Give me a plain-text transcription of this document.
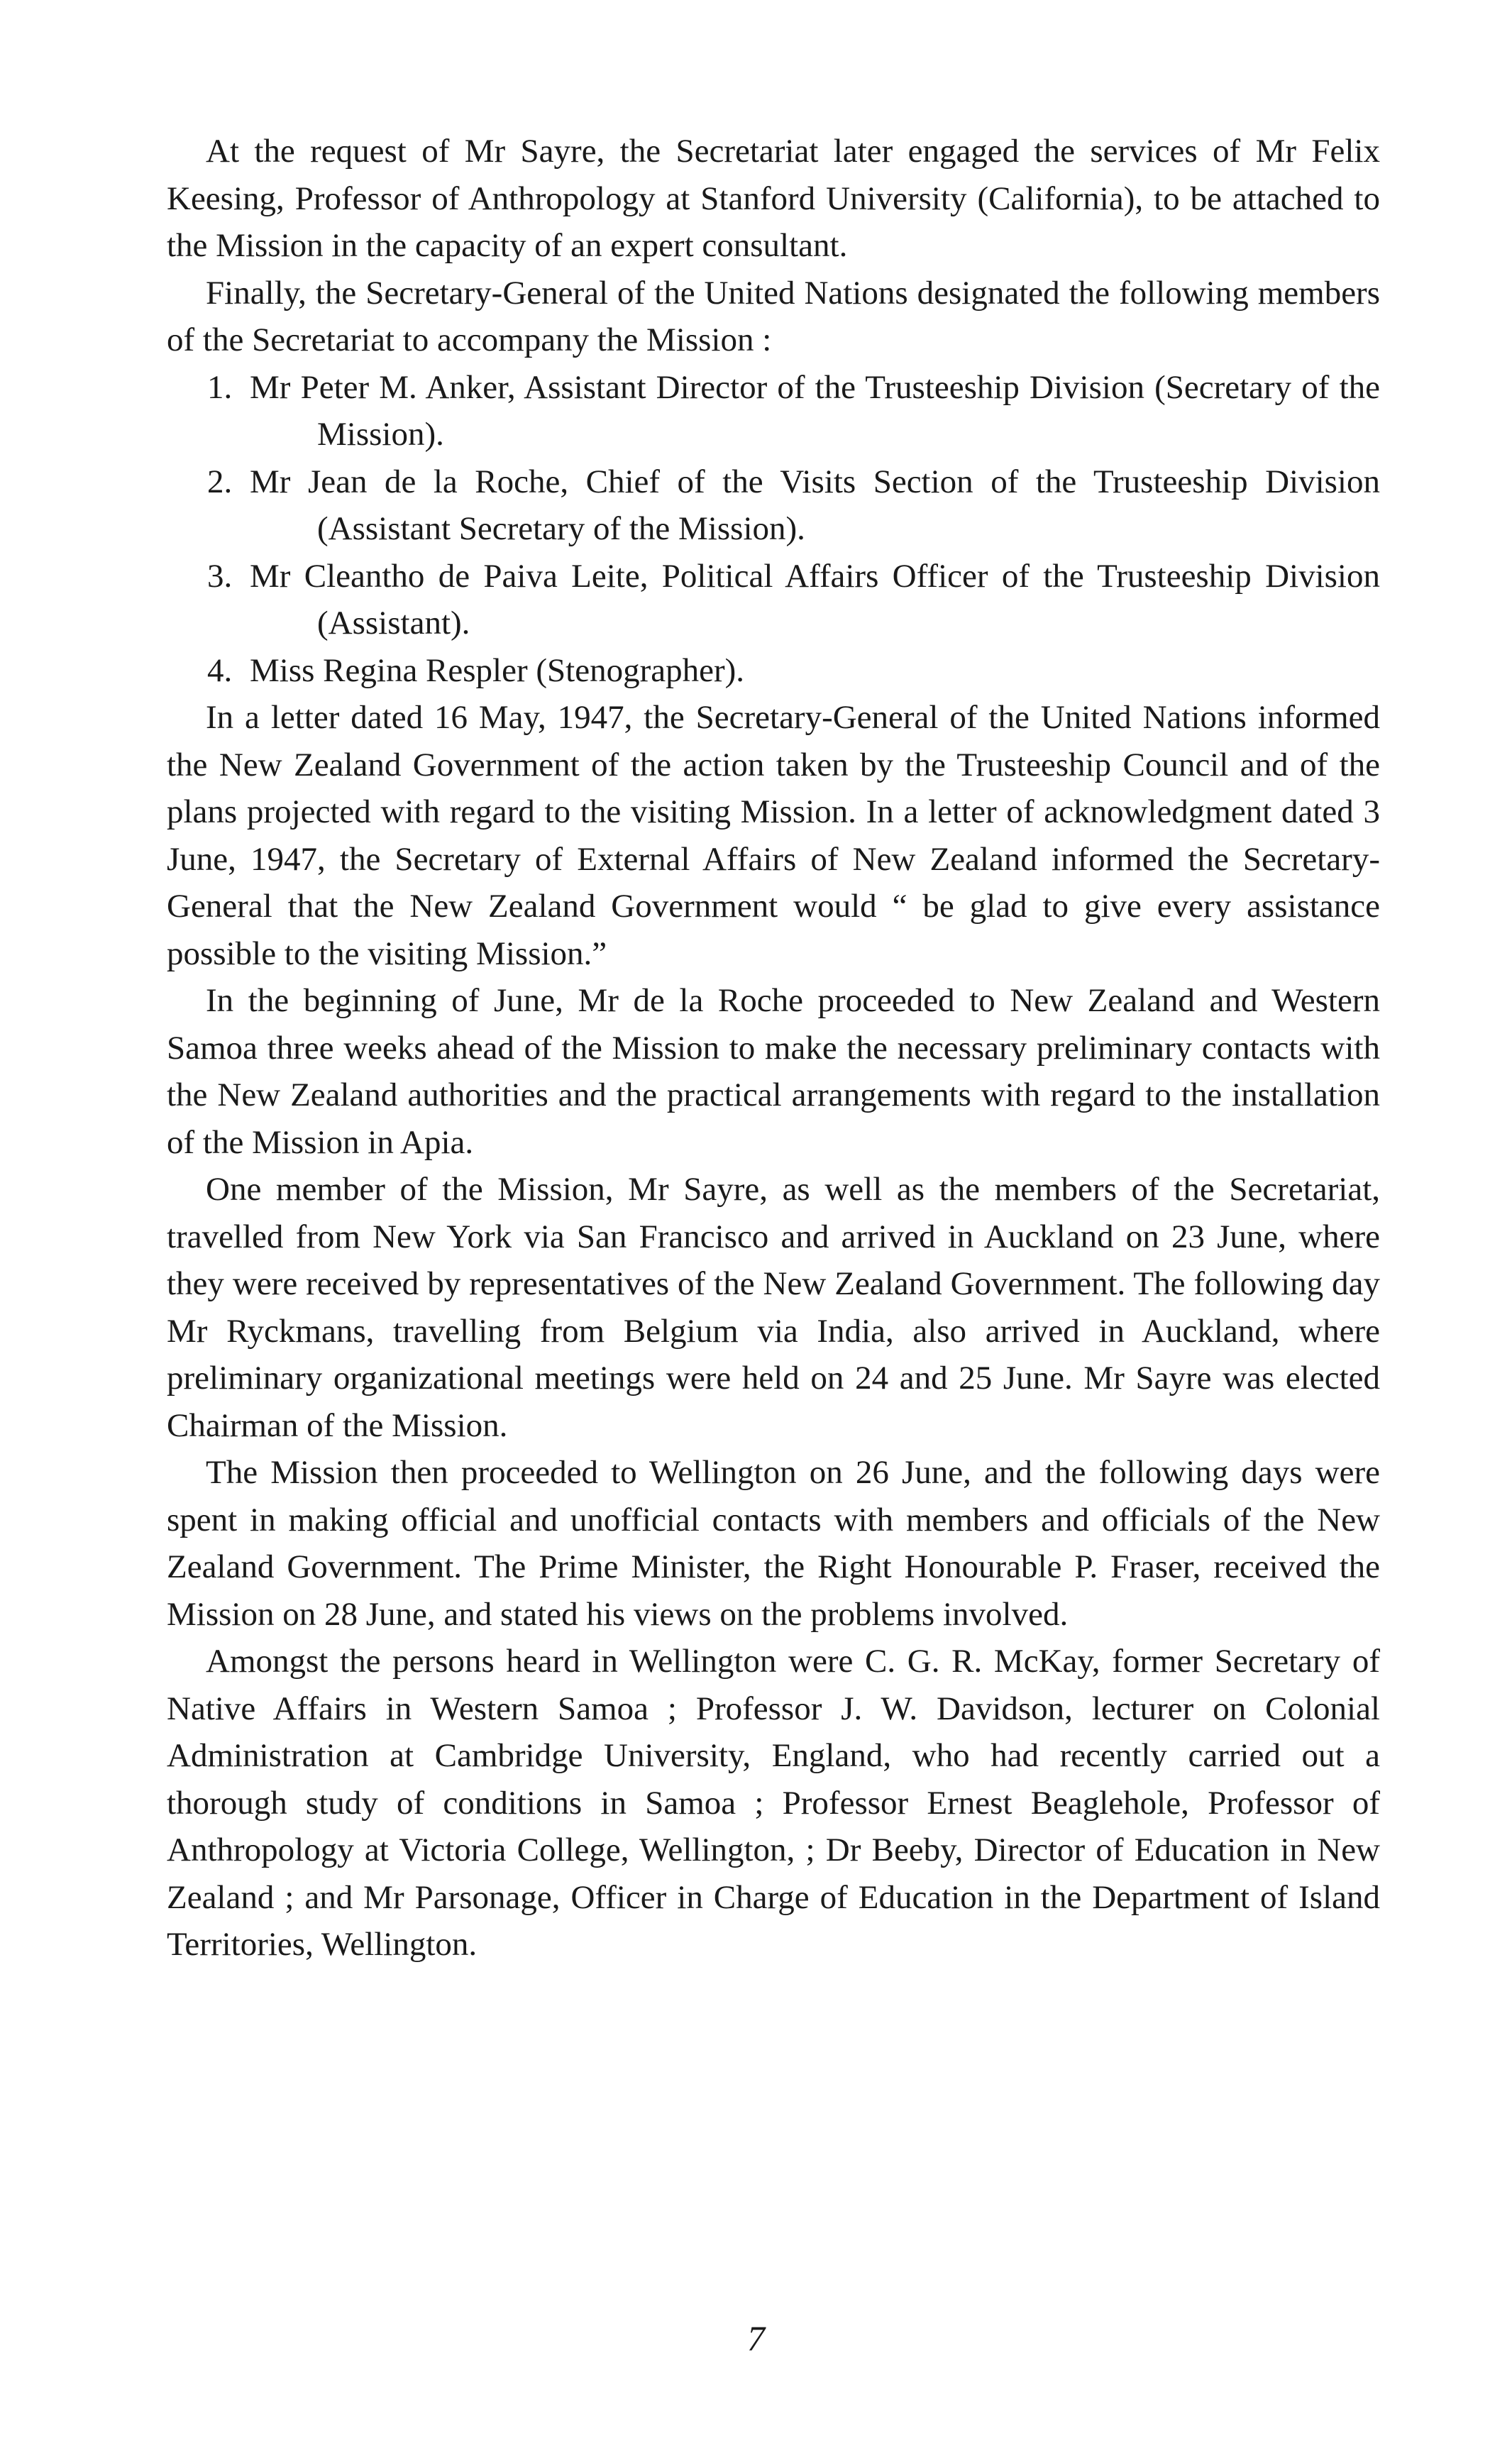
At the request of Mr Sayre, the Secretariat later engaged the services of Mr Felix Keesing, Professor of Anthropology at Stanford University (California), to be attached to the Mission in the capacity of an expert consultant.

Finally, the Secretary-General of the United Nations designated the following members of the Secretariat to accompany the Mission :

1. Mr Peter M. Anker, Assistant Director of the Trusteeship Division (Secretary of the Mission).

2. Mr Jean de la Roche, Chief of the Visits Section of the Trusteeship Division (Assistant Secretary of the Mission).

3. Mr Cleantho de Paiva Leite, Political Affairs Officer of the Trusteeship Division (Assistant).

4. Miss Regina Respler (Stenographer).

In a letter dated 16 May, 1947, the Secretary-General of the United Nations informed the New Zealand Government of the action taken by the Trusteeship Council and of the plans projected with regard to the visiting Mission. In a letter of acknowledgment dated 3 June, 1947, the Secretary of External Affairs of New Zealand informed the Secretary-General that the New Zealand Government would “ be glad to give every assistance possible to the visiting Mission.”

In the beginning of June, Mr de la Roche proceeded to New Zealand and Western Samoa three weeks ahead of the Mission to make the necessary preliminary contacts with the New Zealand authorities and the practical arrangements with regard to the installation of the Mission in Apia.

One member of the Mission, Mr Sayre, as well as the members of the Secretariat, travelled from New York via San Francisco and arrived in Auckland on 23 June, where they were received by representatives of the New Zealand Government. The following day Mr Ryckmans, travelling from Belgium via India, also arrived in Auckland, where preliminary organizational meetings were held on 24 and 25 June. Mr Sayre was elected Chairman of the Mission.

The Mission then proceeded to Wellington on 26 June, and the following days were spent in making official and unofficial contacts with members and officials of the New Zealand Government. The Prime Minister, the Right Honourable P. Fraser, received the Mission on 28 June, and stated his views on the problems involved.

Amongst the persons heard in Wellington were C. G. R. McKay, former Secretary of Native Affairs in Western Samoa ; Professor J. W. Davidson, lecturer on Colonial Administration at Cambridge University, England, who had recently carried out a thorough study of conditions in Samoa ; Professor Ernest Beaglehole, Professor of Anthropology at Victoria College, Wellington, ; Dr Beeby, Director of Education in New Zealand ; and Mr Parsonage, Officer in Charge of Education in the Department of Island Territories, Wellington.

7
